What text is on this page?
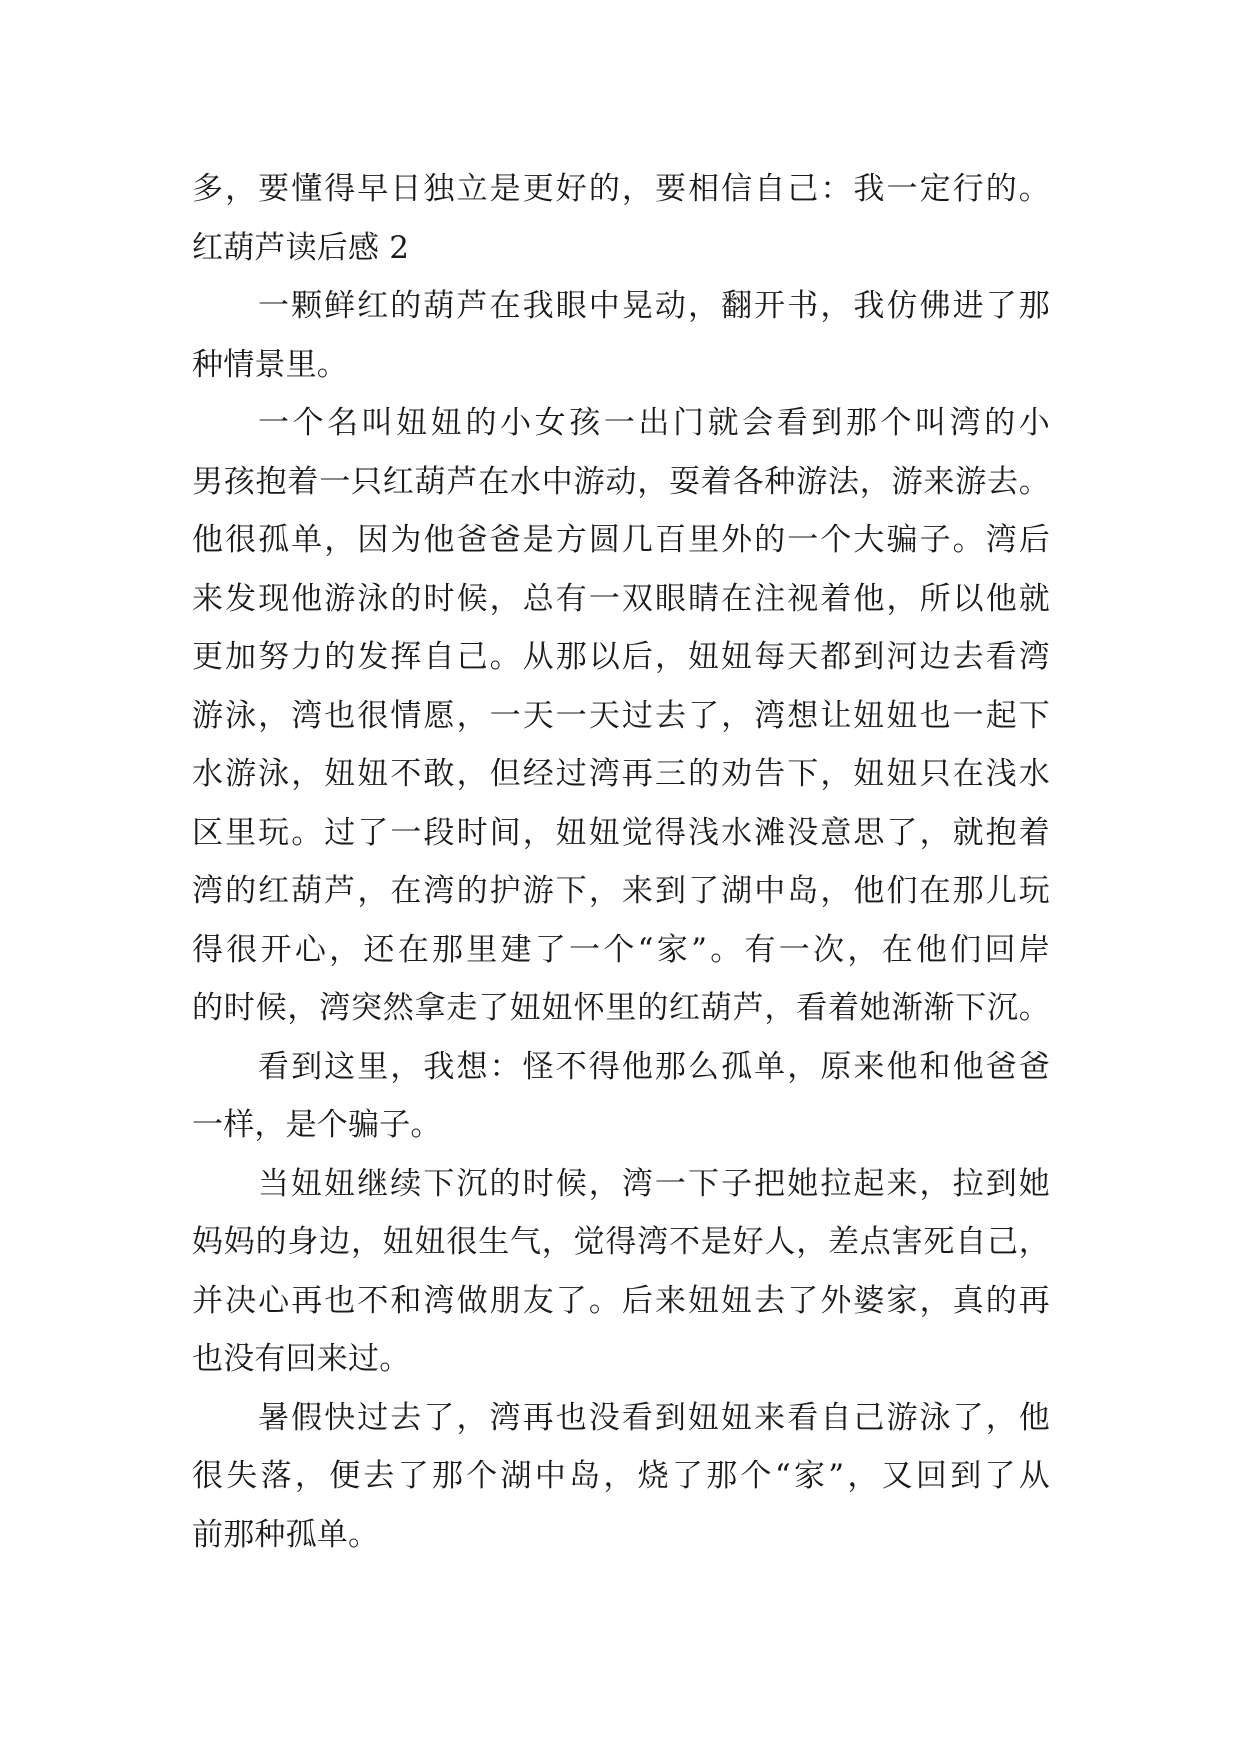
多，要懂得早日独立是更好的，要相信自己：我一定行的。
红葫芦读后感 2
一颗鲜红的葫芦在我眼中晃动，翻开书，我仿佛进了那
种情景里。
一个名叫妞妞的小女孩一出门就会看到那个叫湾的小
男孩抱着一只红葫芦在水中游动，耍着各种游法，游来游去。
他很孤单，因为他爸爸是方圆几百里外的一个大骗子。湾后
来发现他游泳的时候，总有一双眼睛在注视着他，所以他就
更加努力的发挥自己。从那以后，妞妞每天都到河边去看湾
游泳，湾也很情愿，一天一天过去了，湾想让妞妞也一起下
水游泳，妞妞不敢，但经过湾再三的劝告下，妞妞只在浅水
区里玩。过了一段时间，妞妞觉得浅水滩没意思了，就抱着
湾的红葫芦，在湾的护游下，来到了湖中岛，他们在那儿玩
得很开心，还在那里建了一个“家”。有一次，在他们回岸
的时候，湾突然拿走了妞妞怀里的红葫芦，看着她渐渐下沉。
看到这里，我想：怪不得他那么孤单，原来他和他爸爸
一样，是个骗子。
当妞妞继续下沉的时候，湾一下子把她拉起来，拉到她
妈妈的身边，妞妞很生气，觉得湾不是好人，差点害死自己，
并决心再也不和湾做朋友了。后来妞妞去了外婆家，真的再
也没有回来过。
暑假快过去了，湾再也没看到妞妞来看自己游泳了，他
很失落，便去了那个湖中岛，烧了那个“家”，又回到了从
前那种孤单。
